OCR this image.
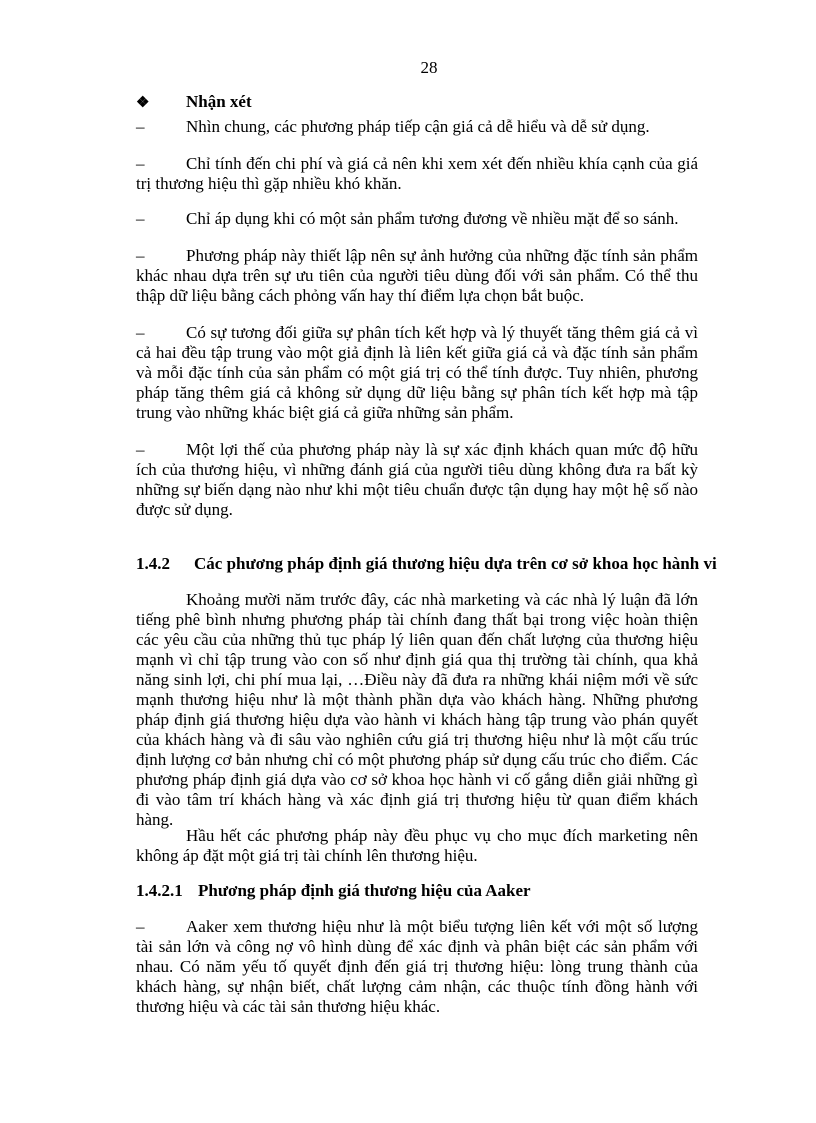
28
❖ Nhận xét

– Nhìn chung, các phương pháp tiếp cận giá cả dễ hiểu và dễ sử dụng.

– Chỉ tính đến chi phí và giá cả nên khi xem xét đến nhiều khía cạnh của giá trị thương hiệu thì gặp nhiều khó khăn.

– Chỉ áp dụng khi có một sản phẩm tương đương về nhiều mặt để so sánh.

– Phương pháp này thiết lập nên sự ảnh hưởng của những đặc tính sản phẩm khác nhau dựa trên sự ưu tiên của người tiêu dùng đối với sản phẩm. Có thể thu thập dữ liệu bằng cách phỏng vấn hay thí điểm lựa chọn bắt buộc.

– Có sự tương đối giữa sự phân tích kết hợp và lý thuyết tăng thêm giá cả vì cả hai đều tập trung vào một giả định là liên kết giữa giá cả và đặc tính sản phẩm và mỗi đặc tính của sản phẩm có một giá trị có thể tính được. Tuy nhiên, phương pháp tăng thêm giá cả không sử dụng dữ liệu bằng sự phân tích kết hợp mà tập trung vào những khác biệt giá cả giữa những sản phẩm.

– Một lợi thế của phương pháp này là sự xác định khách quan mức độ hữu ích của thương hiệu, vì những đánh giá của người tiêu dùng không đưa ra bất kỳ những sự biến dạng nào như khi một tiêu chuẩn được tận dụng hay một hệ số nào được sử dụng.

1.4.2 Các phương pháp định giá thương hiệu dựa trên cơ sở khoa học hành vi

Khoảng mười năm trước đây, các nhà marketing và các nhà lý luận đã lớn tiếng phê bình nhưng phương pháp tài chính đang thất bại trong việc hoàn thiện các yêu cầu của những thủ tục pháp lý liên quan đến chất lượng của thương hiệu mạnh vì chỉ tập trung vào con số như định giá qua thị trường tài chính, qua khả năng sinh lợi, chi phí mua lại, …Điều này đã đưa ra những khái niệm mới về sức mạnh thương hiệu như là một thành phần dựa vào khách hàng. Những phương pháp định giá thương hiệu dựa vào hành vi khách hàng tập trung vào phán quyết của khách hàng và đi sâu vào nghiên cứu giá trị thương hiệu như là một cấu trúc định lượng cơ bản nhưng chỉ có một phương pháp sử dụng cấu trúc cho điểm. Các phương pháp định giá dựa vào cơ sở khoa học hành vi cố gắng diễn giải những gì đi vào tâm trí khách hàng và xác định giá trị thương hiệu từ quan điểm khách hàng.

Hầu hết các phương pháp này đều phục vụ cho mục đích marketing nên không áp đặt một giá trị tài chính lên thương hiệu.

1.4.2.1 Phương pháp định giá thương hiệu của Aaker

– Aaker xem thương hiệu như là một biểu tượng liên kết với một số lượng tài sản lớn và công nợ vô hình dùng để xác định và phân biệt các sản phẩm với nhau. Có năm yếu tố quyết định đến giá trị thương hiệu: lòng trung thành của khách hàng, sự nhận biết, chất lượng cảm nhận, các thuộc tính đồng hành với thương hiệu và các tài sản thương hiệu khác.
